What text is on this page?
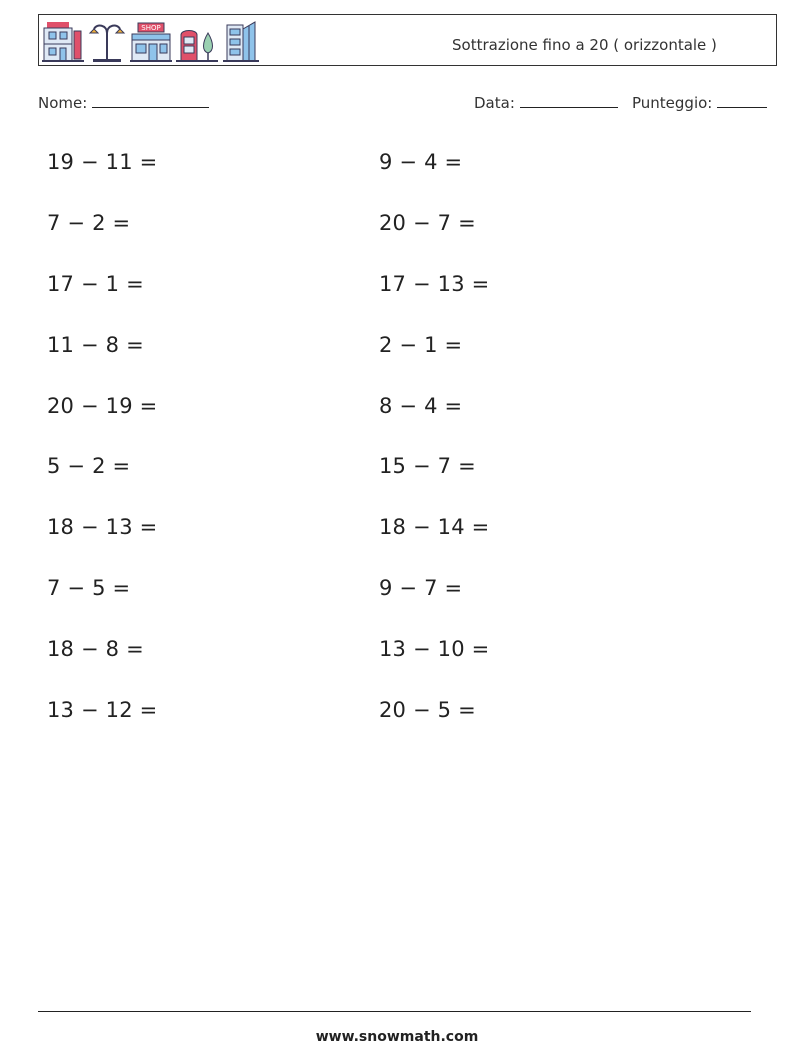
SHOP
Sottrazione fino a 20 ( orizzontale )
Nome:	Data:	Punteggio:
19 − 11 =
7 − 2 =
17 − 1 =
11 − 8 =
20 − 19 =
5 − 2 =
18 − 13 =
7 − 5 =
18 − 8 =
13 − 12 =
9 − 4 =
20 − 7 =
17 − 13 =
2 − 1 =
8 − 4 =
15 − 7 =
18 − 14 =
9 − 7 =
13 − 10 =
20 − 5 =
www.snowmath.com
